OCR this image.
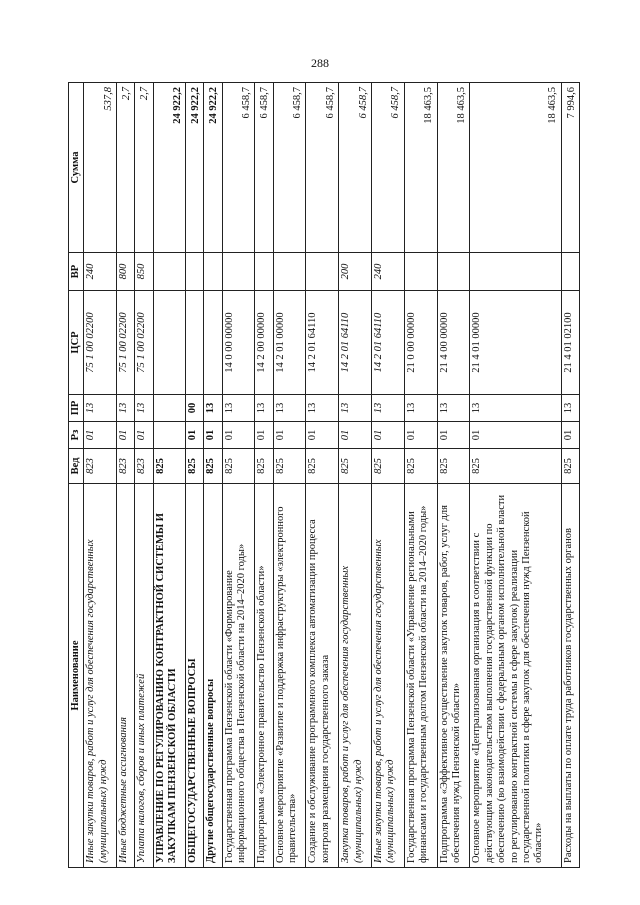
288
Наименование	Вед	Рз	ПР	ЦСР	ВР	Сумма
Иные закупки товаров, работ и услуг для обеспечения государственных (муниципальных) нужд	823	01	13	75 1 00 02200	240	537,8
Иные бюджетные ассигнования	823	01	13	75 1 00 02200	800	2,7
Уплата налогов, сборов и иных платежей	823	01	13	75 1 00 02200	850	2,7
УПРАВЛЕНИЕ ПО РЕГУЛИРОВАНИЮ КОНТРАКТНОЙ СИСТЕМЫ И ЗАКУПКАМ ПЕНЗЕНСКОЙ ОБЛАСТИ	825					24 922,2
ОБЩЕГОСУДАРСТВЕННЫЕ ВОПРОСЫ	825	01	00			24 922,2
Другие общегосударственные вопросы	825	01	13			24 922,2
Государственная программа Пензенской области «Формирование информационного общества в Пензенской области на 2014–2020 годы»	825	01	13	14 0 00 00000		6 458,7
Подпрограмма «Электронное правительство Пензенской области»	825	01	13	14 2 00 00000		6 458,7
Основное мероприятие «Развитие и поддержка инфраструктуры «электронного правительства»	825	01	13	14 2 01 00000		6 458,7
Создание и обслуживание программного комплекса автоматизации процесса контроля размещения государственного заказа	825	01	13	14 2 01 64110		6 458,7
Закупка товаров, работ и услуг для обеспечения государственных (муниципальных) нужд	825	01	13	14 2 01 64110	200	6 458,7
Иные закупки товаров, работ и услуг для обеспечения государственных (муниципальных) нужд	825	01	13	14 2 01 64110	240	6 458,7
Государственная программа Пензенской области «Управление региональными финансами и государственным долгом Пензенской области на 2014–2020 годы»	825	01	13	21 0 00 00000		18 463,5
Подпрограмма «Эффективное осуществление закупок товаров, работ, услуг для обеспечения нужд Пензенской области»	825	01	13	21 4 00 00000		18 463,5
Основное мероприятие «Централизованная организация в соответствии с действующим законодательством выполнения государственной функции по обеспечению (во взаимодействии с федеральным органом исполнительной власти по регулированию контрактной системы в сфере закупок) реализации государственной политики в сфере закупок для обеспечения нужд Пензенской области»	825	01	13	21 4 01 00000		18 463,5
Расходы на выплаты по оплате труда работников государственных органов	825	01	13	21 4 01 02100		7 994,6
